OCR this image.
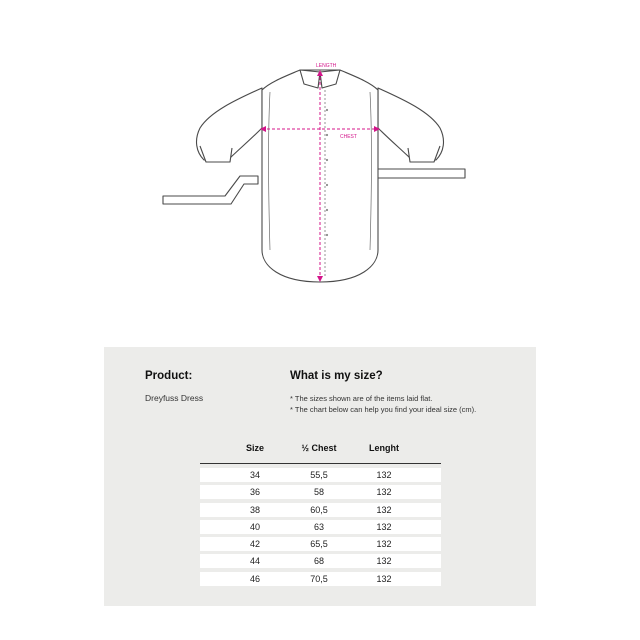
LENGTH
CHEST
Product:
Dreyfuss Dress
What is my size?
* The sizes shown are of the items laid flat.
* The chart below can help you find your ideal size (cm).
Size	½ Chest	Lenght
34	55,5	132
36	58	132
38	60,5	132
40	63	132
42	65,5	132
44	68	132
46	70,5	132
